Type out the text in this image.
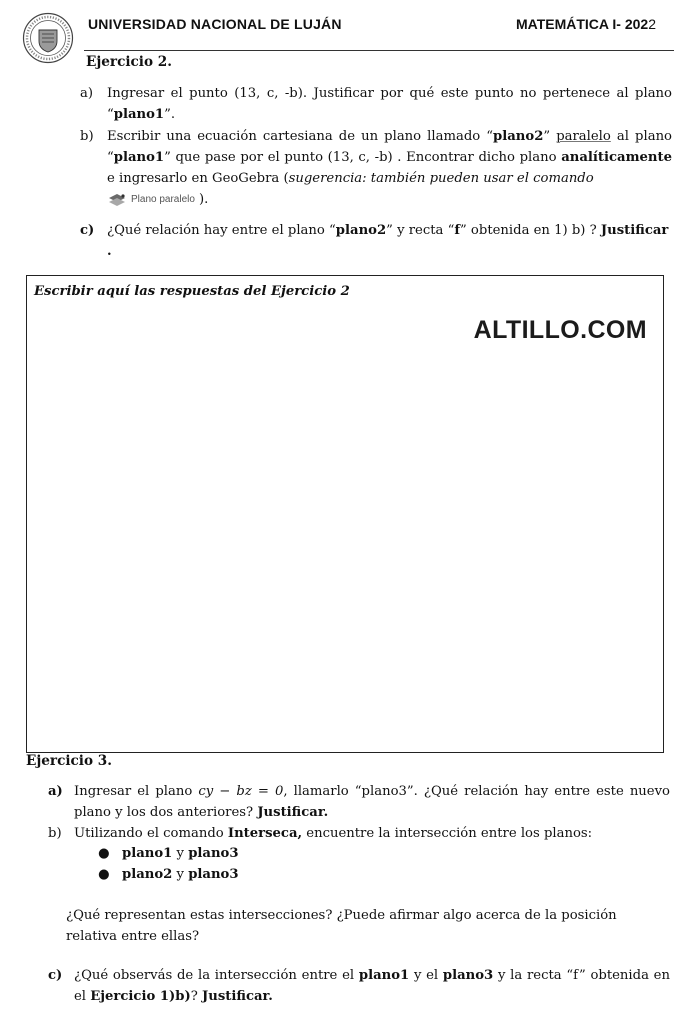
UNIVERSIDAD NACIONAL DE LUJÁN	MATEMÁTICA I- 2022
Ejercicio 2.
a)	Ingresar el punto (13, c, -b). Justificar por qué este punto no pertenece al plano “plano1”.
b)	Escribir una ecuación cartesiana de un plano llamado “plano2” paralelo al plano “plano1” que pase por el punto (13, c, -b) . Encontrar dicho plano analíticamente e ingresarlo en GeoGebra (sugerencia: también pueden usar el comando

Plano paralelo ).
c) ¿Qué relación hay entre el plano “plano2” y recta “f” obtenida en 1) b) ? Justificar
.
Escribir aquí las respuestas del Ejercicio 2
ALTILLO.COM
Ejercicio 3.
a) Ingresar el plano cy − bz = 0, llamarlo “plano3”. ¿Qué relación hay entre este nuevo plano y los dos anteriores? Justificar.
b) Utilizando el comando Interseca, encuentre la intersección entre los planos:
● plano1 y plano3
● plano2 y plano3
¿Qué representan estas intersecciones? ¿Puede afirmar algo acerca de la posición relativa entre ellas?
c) ¿Qué observás de la intersección entre el plano1 y el plano3 y la recta “f” obtenida en el Ejercicio 1)b)? Justificar.
